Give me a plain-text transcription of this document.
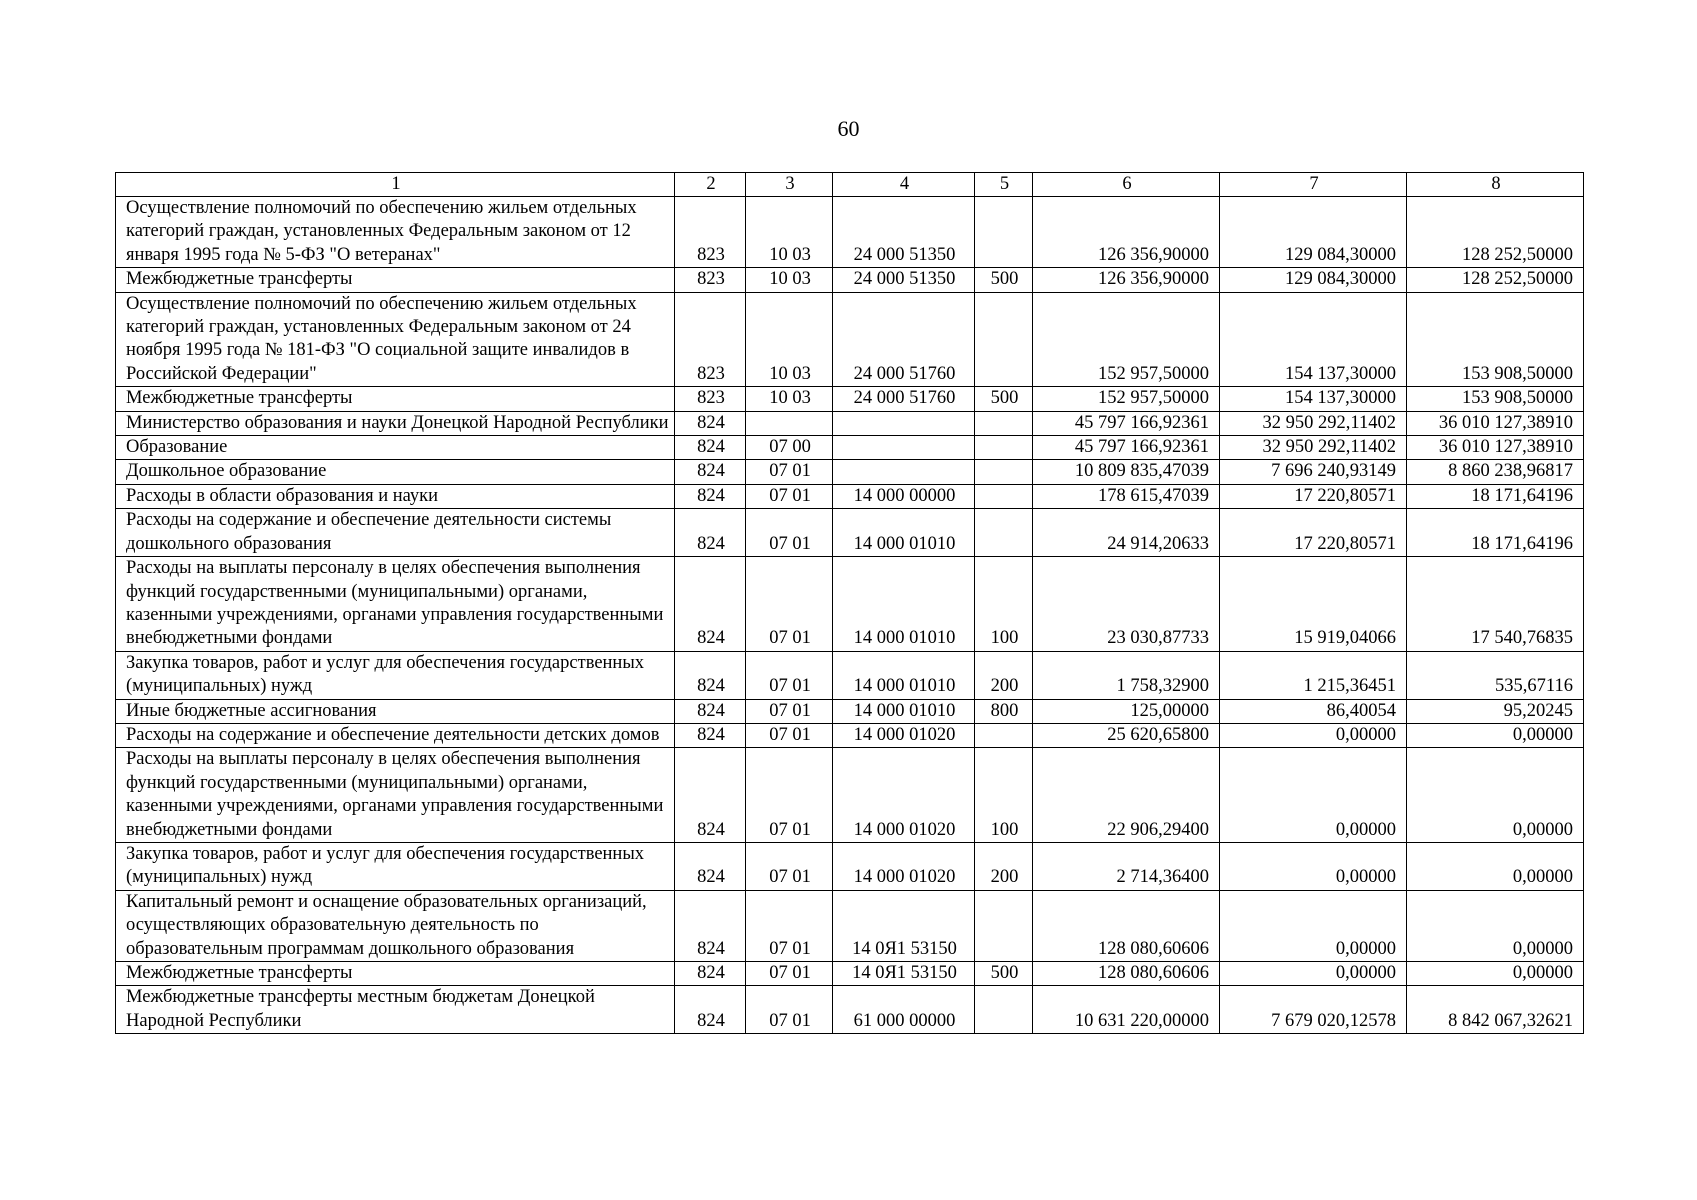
60
1	2	3	4	5	6	7	8
Осуществление полномочий по обеспечению жильем отдельных категорий граждан, установленных Федеральным законом от 12 января 1995 года № 5-ФЗ "О ветеранах"	823	10 03	24 000 51350		126 356,90000	129 084,30000	128 252,50000
Межбюджетные трансферты	823	10 03	24 000 51350	500	126 356,90000	129 084,30000	128 252,50000
Осуществление полномочий по обеспечению жильем отдельных категорий граждан, установленных Федеральным законом от 24 ноября 1995 года № 181-ФЗ "О социальной защите инвалидов в Российской Федерации"	823	10 03	24 000 51760		152 957,50000	154 137,30000	153 908,50000
Межбюджетные трансферты	823	10 03	24 000 51760	500	152 957,50000	154 137,30000	153 908,50000
Министерство образования и науки Донецкой Народной Республики	824				45 797 166,92361	32 950 292,11402	36 010 127,38910
Образование	824	07 00			45 797 166,92361	32 950 292,11402	36 010 127,38910
Дошкольное образование	824	07 01			10 809 835,47039	7 696 240,93149	8 860 238,96817
Расходы в области образования и науки	824	07 01	14 000 00000		178 615,47039	17 220,80571	18 171,64196
Расходы на содержание и обеспечение деятельности системы дошкольного образования	824	07 01	14 000 01010		24 914,20633	17 220,80571	18 171,64196
Расходы на выплаты персоналу в целях обеспечения выполнения функций государственными (муниципальными) органами, казенными учреждениями, органами управления государственными внебюджетными фондами	824	07 01	14 000 01010	100	23 030,87733	15 919,04066	17 540,76835
Закупка товаров, работ и услуг для обеспечения государственных (муниципальных) нужд	824	07 01	14 000 01010	200	1 758,32900	1 215,36451	535,67116
Иные бюджетные ассигнования	824	07 01	14 000 01010	800	125,00000	86,40054	95,20245
Расходы на содержание и обеспечение деятельности детских домов	824	07 01	14 000 01020		25 620,65800	0,00000	0,00000
Расходы на выплаты персоналу в целях обеспечения выполнения функций государственными (муниципальными) органами, казенными учреждениями, органами управления государственными внебюджетными фондами	824	07 01	14 000 01020	100	22 906,29400	0,00000	0,00000
Закупка товаров, работ и услуг для обеспечения государственных (муниципальных) нужд	824	07 01	14 000 01020	200	2 714,36400	0,00000	0,00000
Капитальный ремонт и оснащение образовательных организаций, осуществляющих образовательную деятельность по образовательным программам дошкольного образования	824	07 01	14 0Я1 53150		128 080,60606	0,00000	0,00000
Межбюджетные трансферты	824	07 01	14 0Я1 53150	500	128 080,60606	0,00000	0,00000
Межбюджетные трансферты местным бюджетам Донецкой Народной Республики	824	07 01	61 000 00000		10 631 220,00000	7 679 020,12578	8 842 067,32621
